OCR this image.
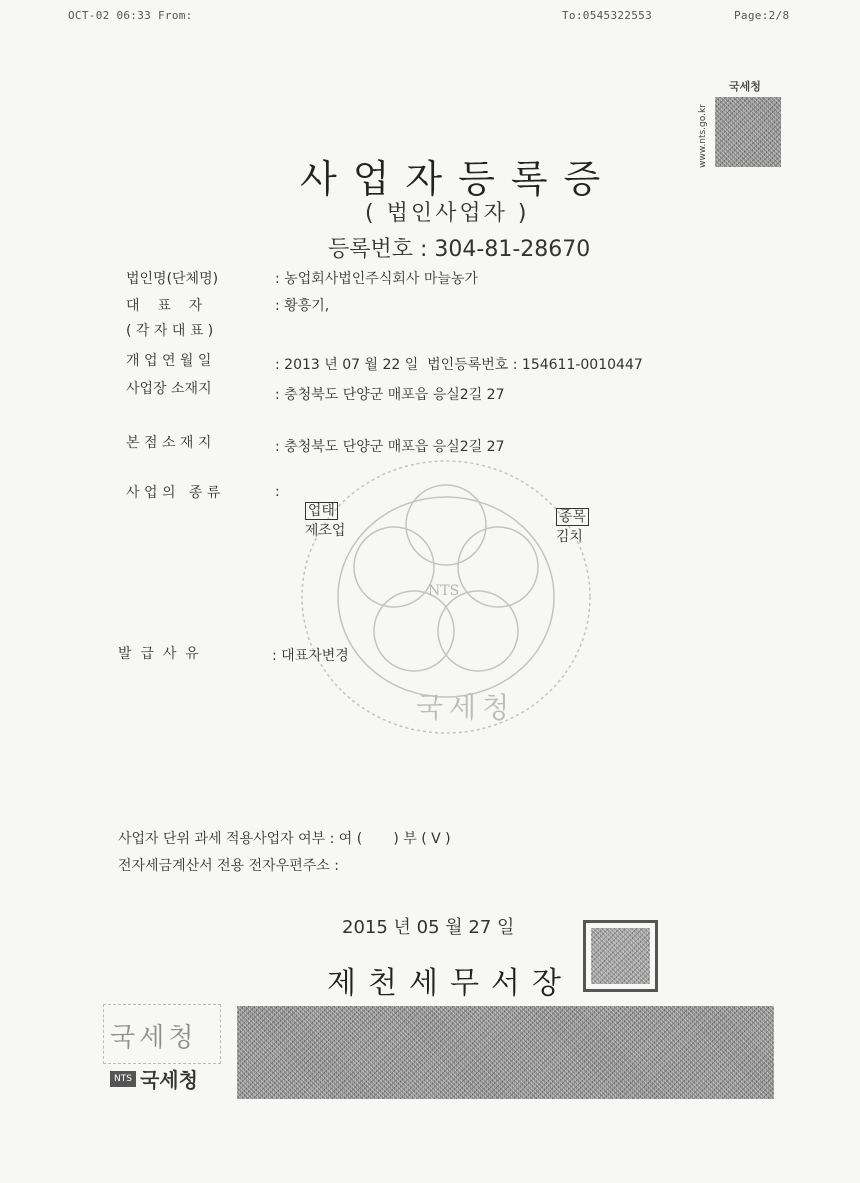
OCT-02 06:33 From:	To:0545322553	Page:2/8
국세청
www.nts.go.kr
사업자등록증
( 법인사업자 )
등록번호 : 304-81-28670
NTS
국세청
법인명(단체명)	: 농업회사법인주식회사 마늘농가
대    표    자	: 황흥기,
( 각 자 대 표 )
개 업 연 월 일	: 2013 년 07 월 22 일  법인등록번호 : 154611-0010447
사업장 소재지	: 충청북도 단양군 매포읍 응실2길 27
본 점 소 재 지	: 충청북도 단양군 매포읍 응실2길 27
사 업 의   종 류	:

업태
제조업

종목
김치

발  급  사  유	: 대표자변경
사업자 단위 과세 적용사업자 여부 : 여 (       ) 부 ( V )
전자세금계산서 전용 전자우편주소 :
2015 년 05 월 27 일
제천세무서장
국세청
NTS 국세청
